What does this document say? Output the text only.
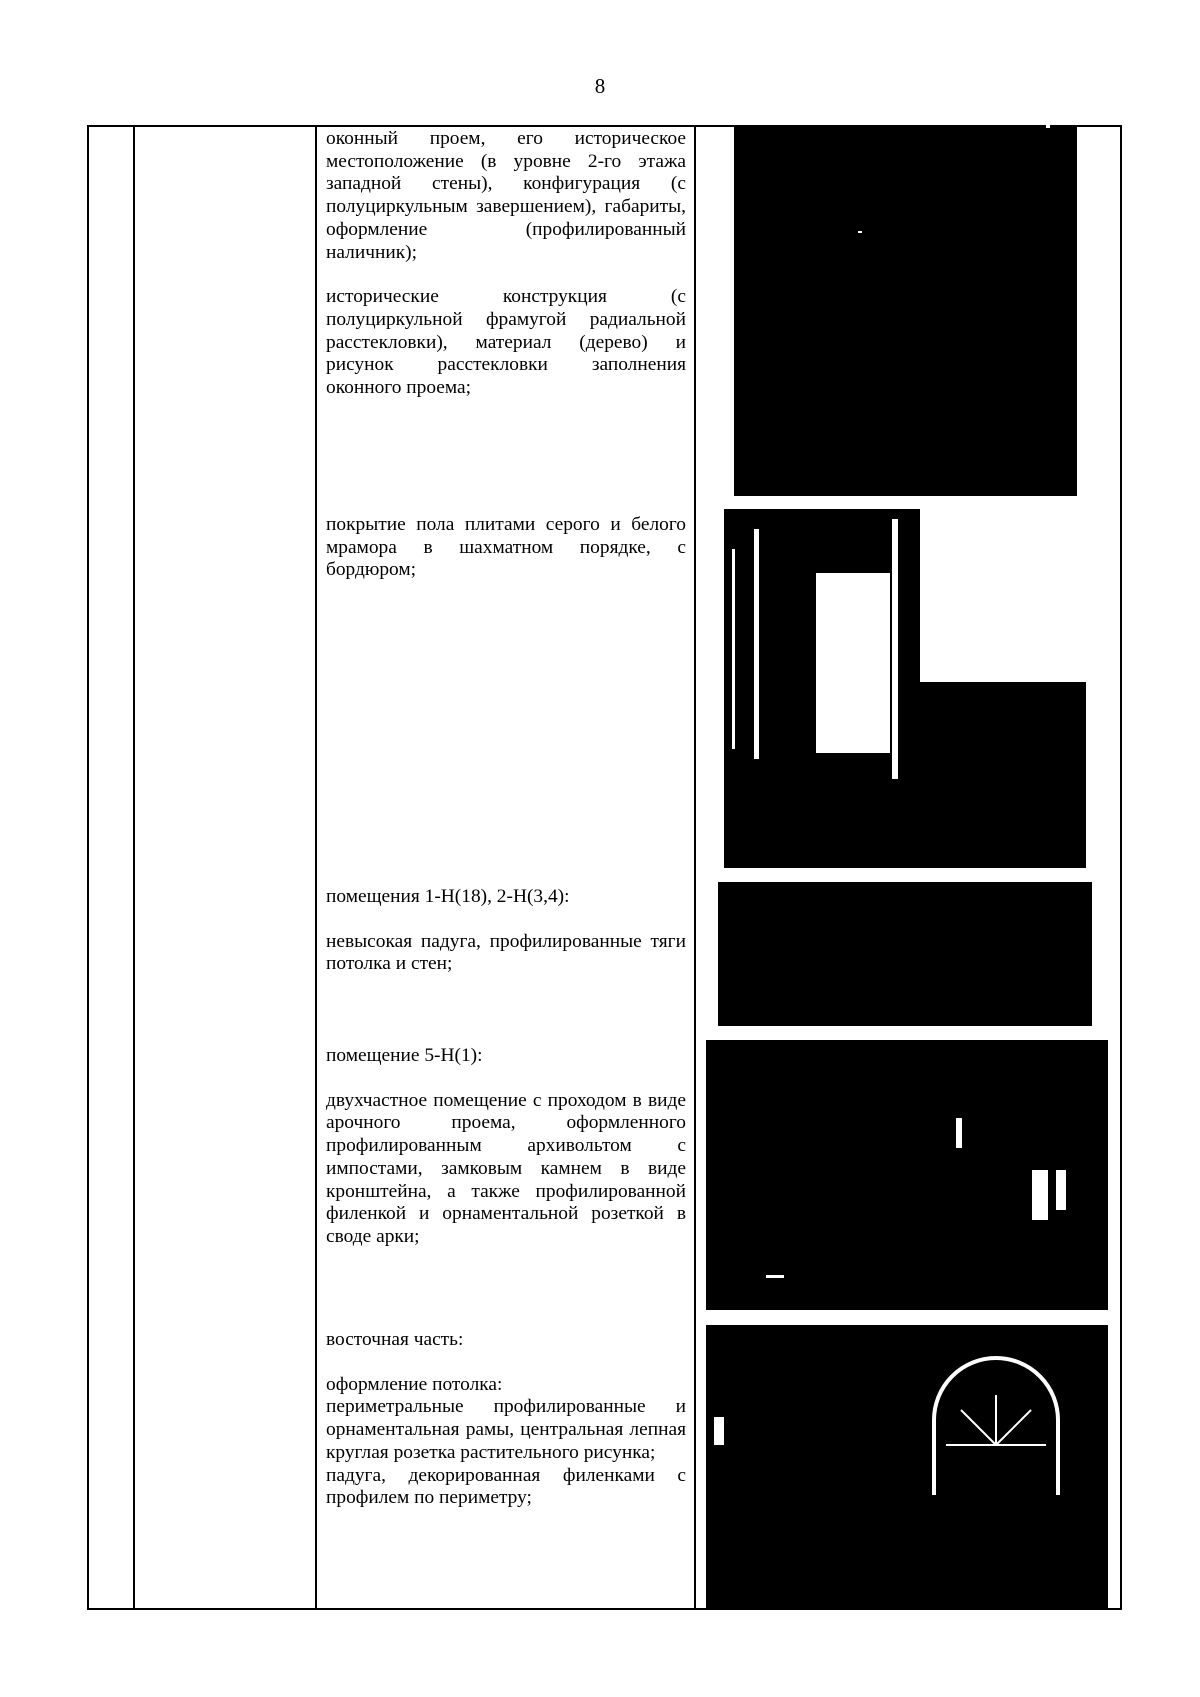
8

оконный проем, его историческое местоположение (в уровне 2-го этажа западной стены), конфигурация (с полуциркульным завершением), габариты, оформление (профилированный наличник);

исторические конструкция (с полуциркульной фрамугой радиальной расстекловки), материал (дерево) и рисунок расстекловки заполнения оконного проема;

покрытие пола плитами серого и белого мрамора в шахматном порядке, с бордюром;

помещения 1-Н(18), 2-Н(3,4):

невысокая падуга, профилированные тяги потолка и стен;

помещение 5-Н(1):

двухчастное помещение с проходом в виде арочного проема, оформленного профилированным архивольтом с импостами, замковым камнем в виде кронштейна, а также профилированной филенкой и орнаментальной розеткой в своде арки;

восточная часть:

оформление потолка:
периметральные профилированные и орнаментальная рамы, центральная лепная круглая розетка растительного рисунка;
падуга, декорированная филенками с профилем по периметру;
